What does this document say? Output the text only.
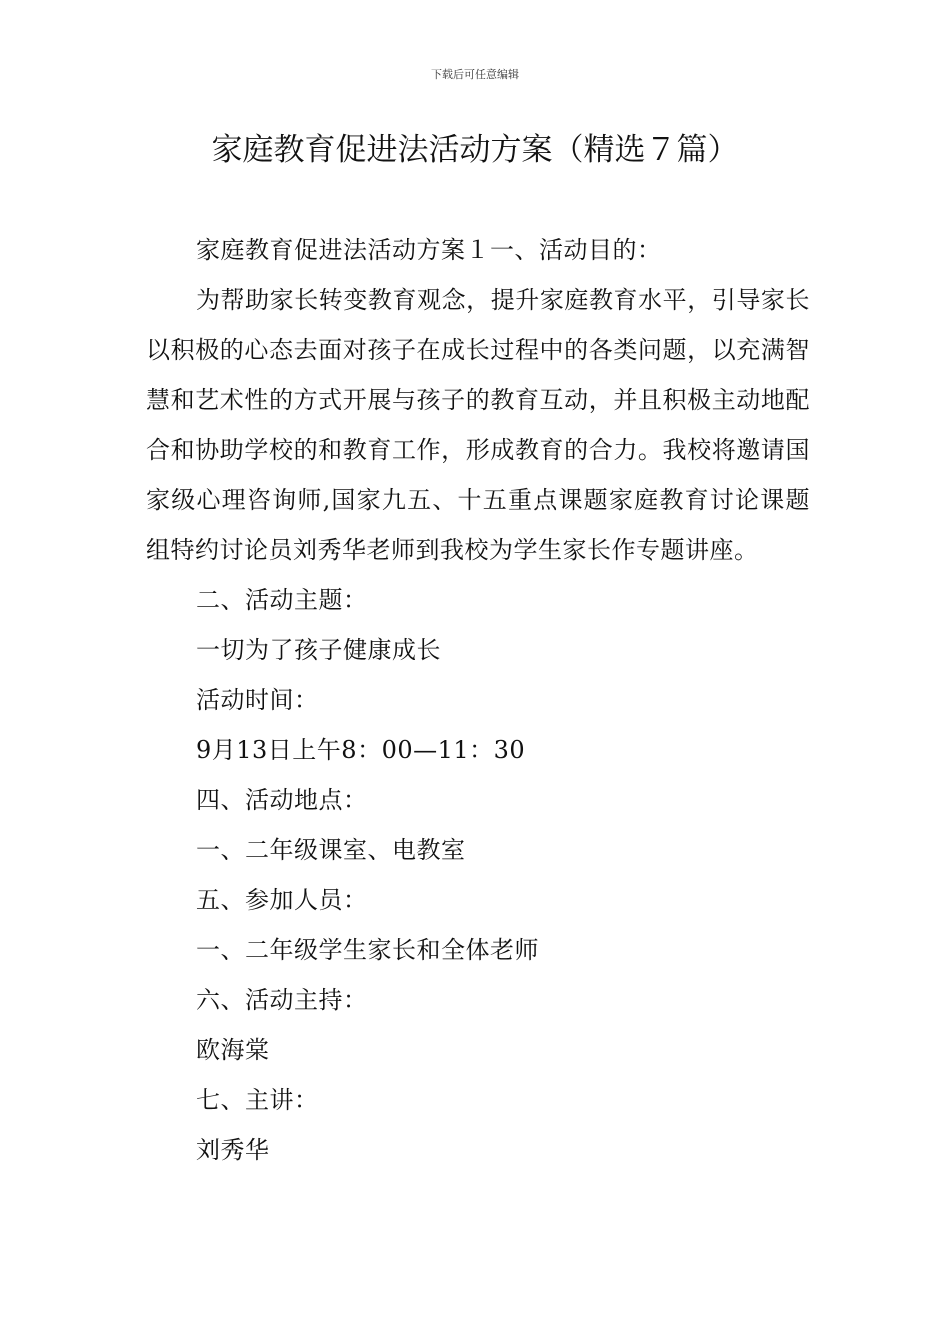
下载后可任意编辑
家庭教育促进法活动方案（精选７篇）

家庭教育促进法活动方案１一、活动目的：

为帮助家长转变教育观念，提升家庭教育水平，引导家长以积极的心态去面对孩子在成长过程中的各类问题，以充满智慧和艺术性的方式开展与孩子的教育互动，并且积极主动地配合和协助学校的和教育工作，形成教育的合力。我校将邀请国家级心理咨询师,国家九五、十五重点课题家庭教育讨论课题组特约讨论员刘秀华老师到我校为学生家长作专题讲座。

二、活动主题：

一切为了孩子健康成长

活动时间：

9月13日上午8：00—11：30

四、活动地点：

一、二年级课室、电教室

五、参加人员：

一、二年级学生家长和全体老师

六、活动主持：

欧海棠

七、主讲：

刘秀华
